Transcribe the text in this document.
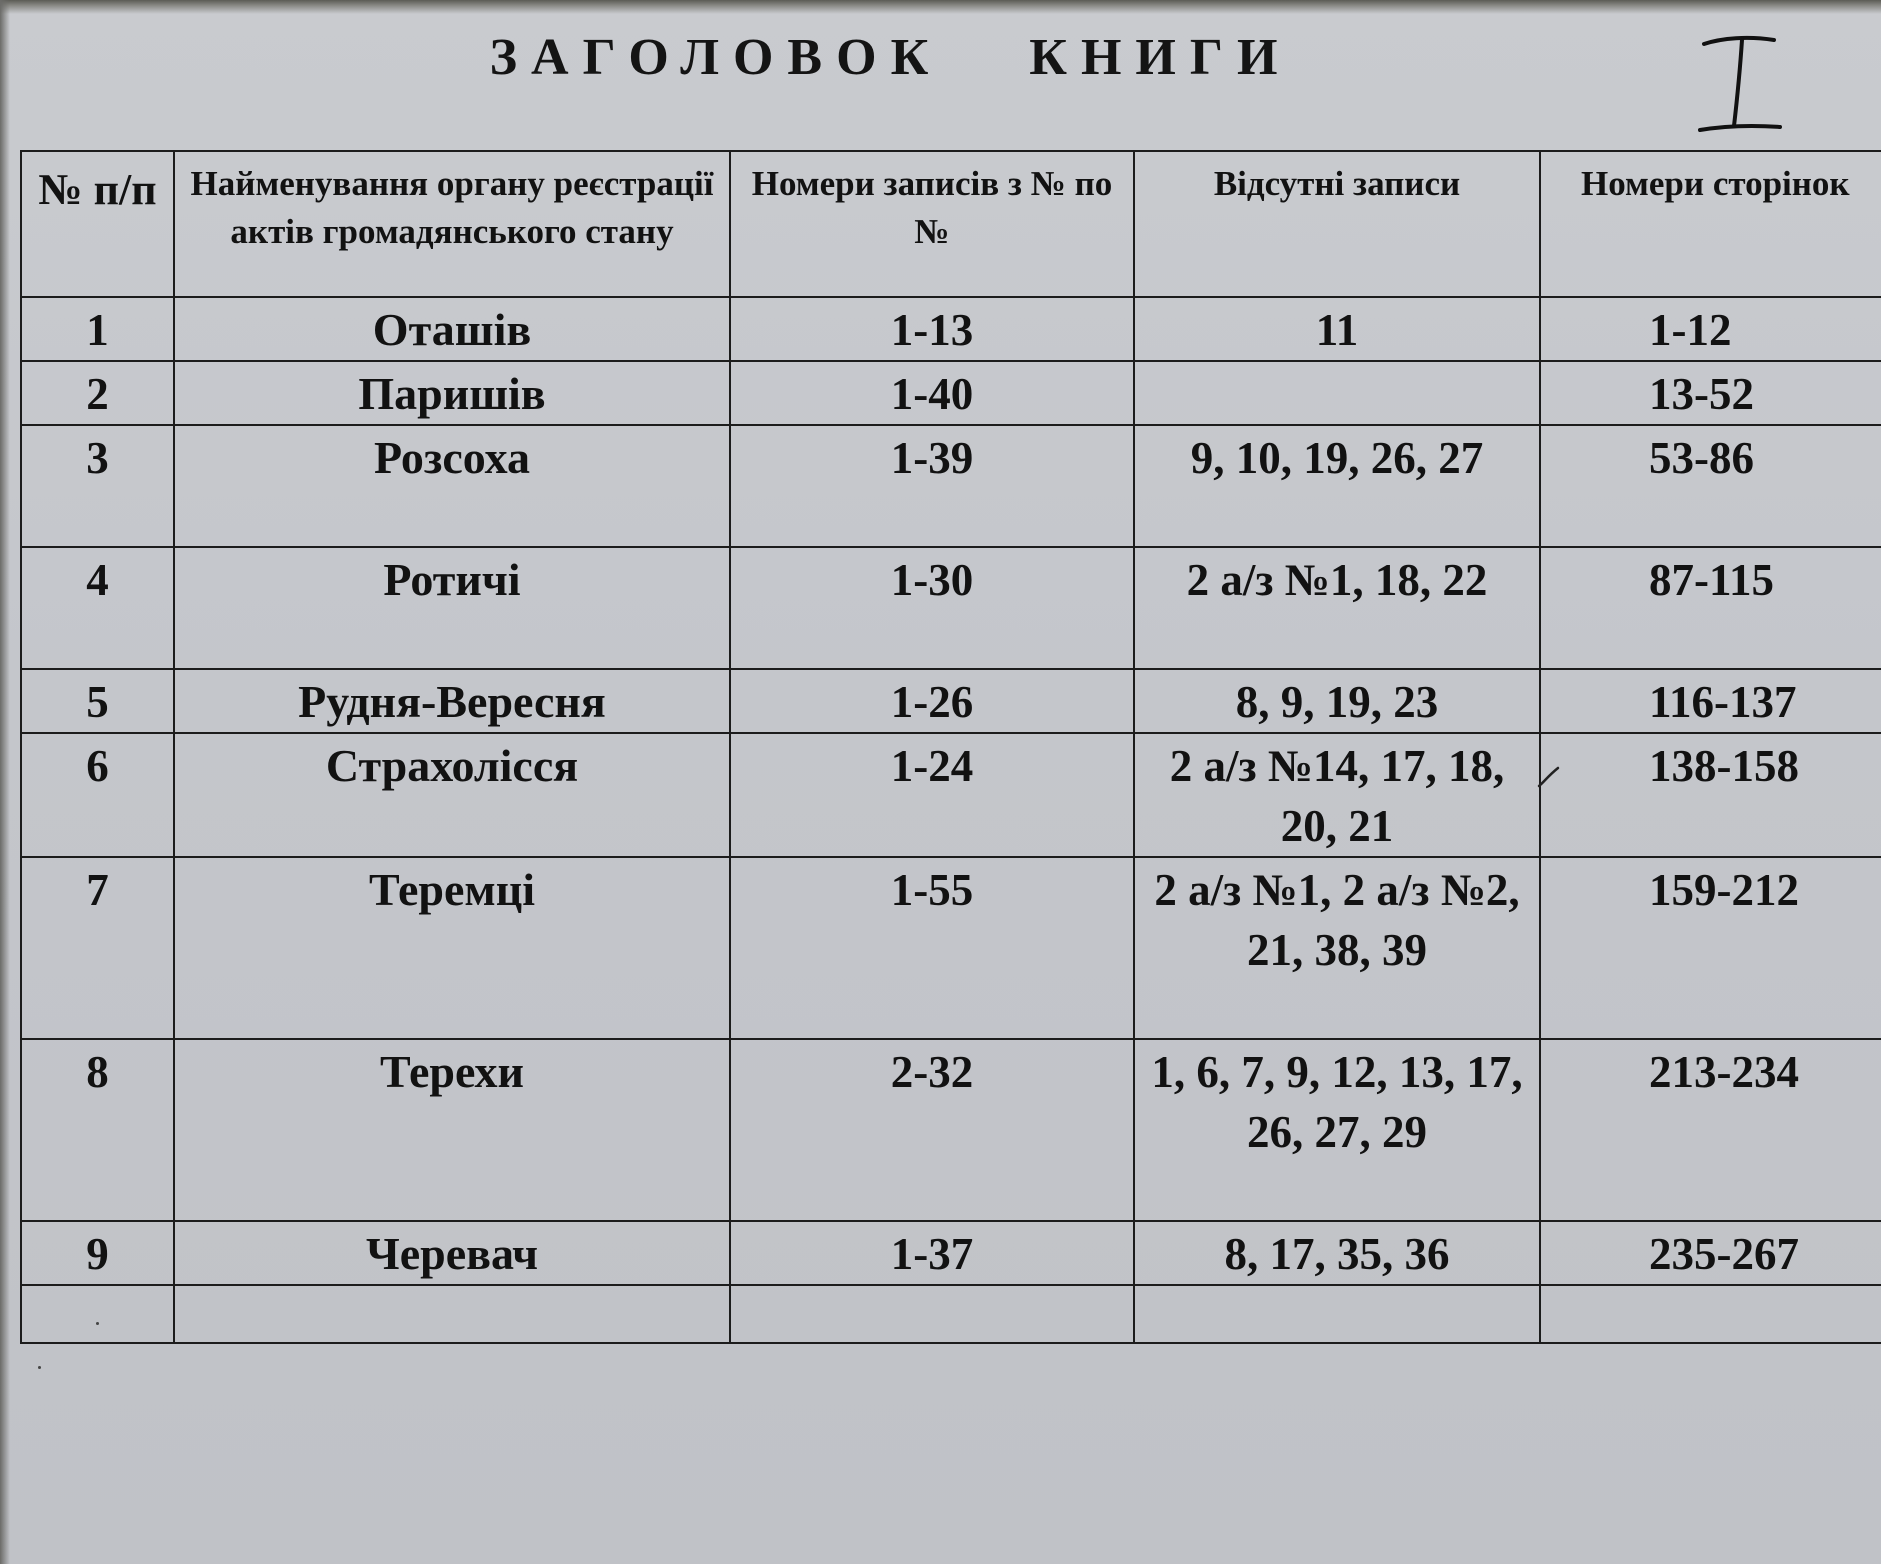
ЗАГОЛОВОК КНИГИ
№ п/п	Найменування органу реєстрації актів громадянського стану	Номери записів з № по №	Відсутні записи	Номери сторінок
1	Оташів	1-13	11	1-12
2	Паришів	1-40		13-52
3	Розсоха	1-39	9, 10, 19, 26, 27	53-86
4	Ротичі	1-30	2 а/з №1, 18, 22	87-115
5	Рудня-Вересня	1-26	8, 9, 19, 23	116-137
6	Страхолісся	1-24	2 а/з №14, 17, 18, 20, 21	138-158
7	Теремці	1-55	2 а/з №1, 2 а/з №2, 21, 38, 39	159-212
8	Терехи	2-32	1, 6, 7, 9, 12, 13, 17, 26, 27, 29	213-234
9	Черевач	1-37	8, 17, 35, 36	235-267
